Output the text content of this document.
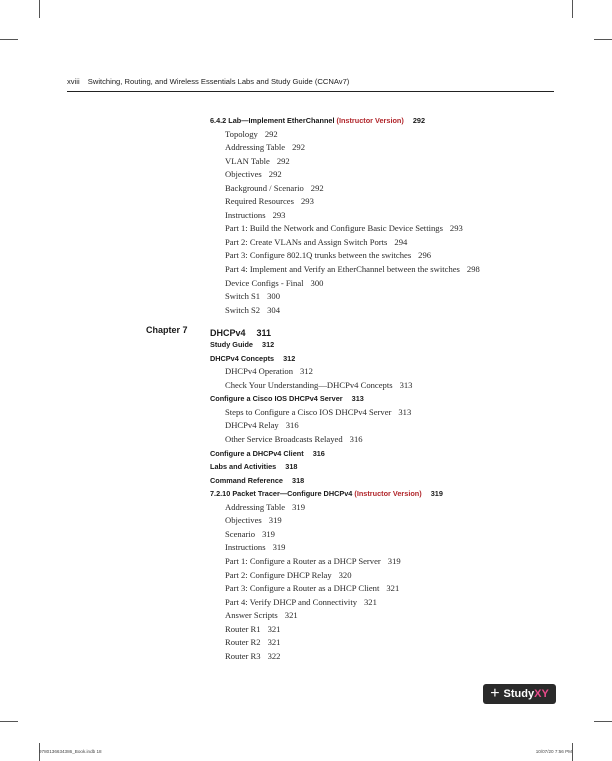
xviii Switching, Routing, and Wireless Essentials Labs and Study Guide (CCNAv7)
6.4.2 Lab—Implement EtherChannel (Instructor Version) 292
Topology 292
Addressing Table 292
VLAN Table 292
Objectives 292
Background / Scenario 292
Required Resources 293
Instructions 293
Part 1: Build the Network and Configure Basic Device Settings 293
Part 2: Create VLANs and Assign Switch Ports 294
Part 3: Configure 802.1Q trunks between the switches 296
Part 4: Implement and Verify an EtherChannel between the switches 298
Device Configs - Final 300
Switch S1 300
Switch S2 304
Chapter 7 DHCPv4 311
Study Guide 312
DHCPv4 Concepts 312
DHCPv4 Operation 312
Check Your Understanding—DHCPv4 Concepts 313
Configure a Cisco IOS DHCPv4 Server 313
Steps to Configure a Cisco IOS DHCPv4 Server 313
DHCPv4 Relay 316
Other Service Broadcasts Relayed 316
Configure a DHCPv4 Client 316
Labs and Activities 318
Command Reference 318
7.2.10 Packet Tracer—Configure DHCPv4 (Instructor Version) 319
Addressing Table 319
Objectives 319
Scenario 319
Instructions 319
Part 1: Configure a Router as a DHCP Server 319
Part 2: Configure DHCP Relay 320
Part 3: Configure a Router as a DHCP Client 321
Part 4: Verify DHCP and Connectivity 321
Answer Scripts 321
Router R1 321
Router R2 321
Router R3 322
+ Study XY
9780136634386_Book.indb 18	10/07/20 7:56 PM
